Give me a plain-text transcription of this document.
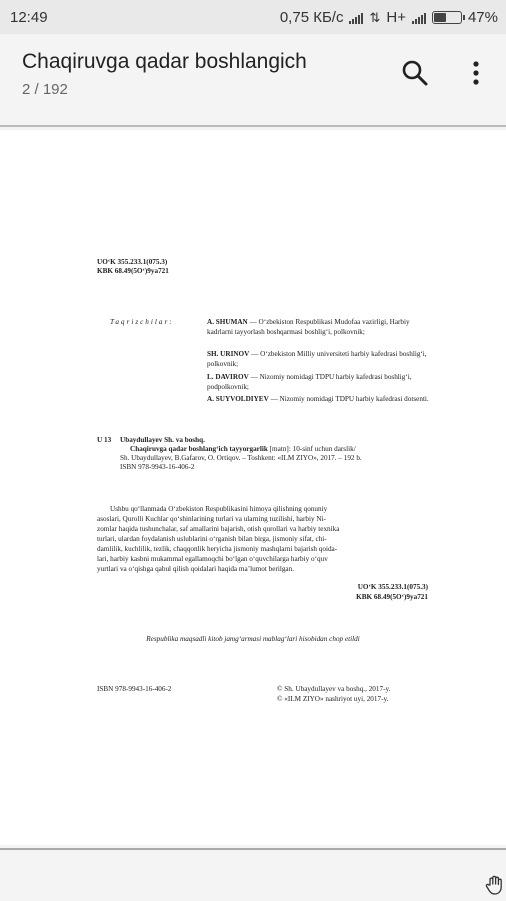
12:49	0,75 КБ/с ⇅ H+	47%
Chaqiruvga qadar boshlangich
2 / 192
UO‘K 355.233.1(075.3)
KBK 68.49(5O‘)9ya721
Taqrizchilar:	A. SHUMAN — O‘zbekiston Respublikasi Mudofaa vazirligi, Harbiy kadrlarni tayyorlash boshqarmasi boshlig‘i, polkovnik;
SH. URINOV — O‘zbekiston Milliy universiteti harbiy kafedrasi boshlig‘i, polkovnik;
L. DAVIROV — Nizomiy nomidagi TDPU harbiy kafedrasi boshlig‘i, podpolkovnik;
A. SUYVOLDIYEV — Nizomiy nomidagi TDPU harbiy kafedrasi dotsenti.
U 13 Ubaydullayev Sh. va boshq.
Chaqiruvga qadar boshlang‘ich tayyorgarlik [matn]: 10-sinf uchun darslik/
Sh. Ubaydullayev, B.Gafarov, O. Ortiqov. – Toshkent: «ILM ZIYO», 2017. – 192 b.
ISBN 978-9943-16-406-2
Ushbu qo‘llanmada O‘zbekiston Respublikasini himoya qilishning qonuniy
asoslari, Qurolli Kuchlar qo‘shinlarining turlari va ularning tuzilishi, harbiy Ni-
zomlar haqida tushunchalar, saf amallarini bajarish, otish qurollari va harbiy texnika
turlari, ulardan foydalanish uslublarini o‘rganish bilan birga, jismoniy sifat, chi-
damlilik, kuchlilik, tezlik, chaqqonlik heryicha jismoniy mashqlarni bajarish qoida-
lari, harbiy kasbni mukammal egallamoqchi bo‘lgan o‘quvchilarga harbiy o‘quv
yurtlari va o‘qishga qabul qilish qoidalari haqida ma’lumot berilgan.
UO‘K 355.233.1(075.3)
KBK 68.49(5O‘)9ya721
Respublika maqsadli kitob jamg‘armasi mablag‘lari hisobidan chop etildi
ISBN 978-9943-16-406-2	© Sh. Ubaydullayev va boshq., 2017-y.
© «ILM ZIYO» nashriyot uyi, 2017-y.
